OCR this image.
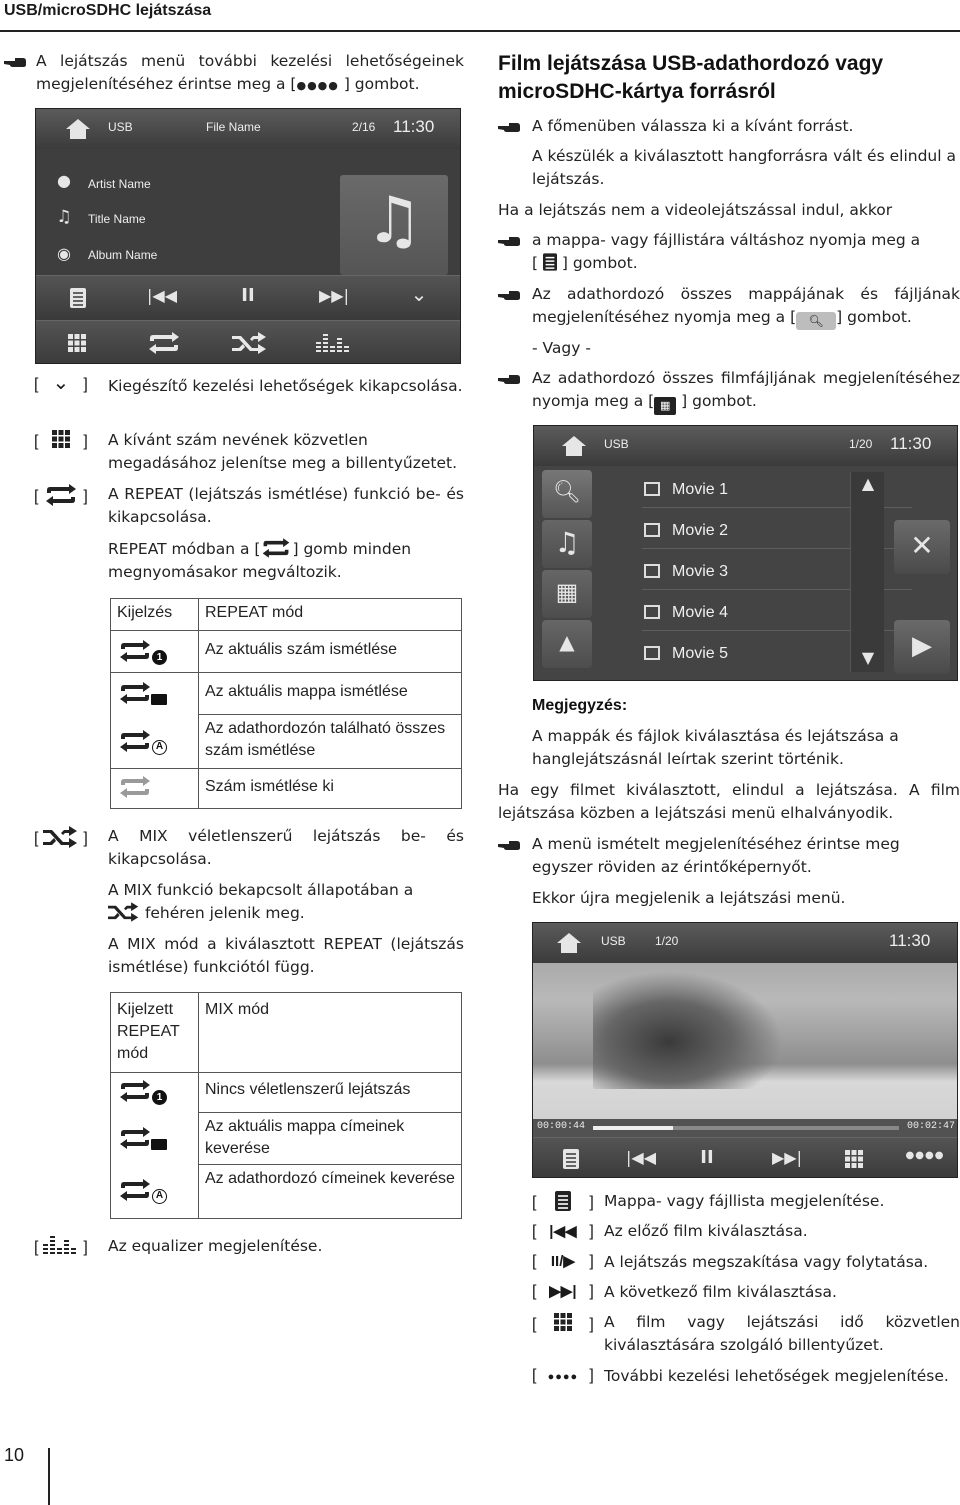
USB/microSDHC lejátszása
A lejátszás menü további kezelési lehetőségeinek megjelenítéséhez érintse meg a [●●●● ] gombot.
USB	File Name	2/16 11:30
● Artist Name
♫ Title Name
◉ Album Name	♫
|◀◀	II	▶▶|	⌄
[ ⌄ ] Kiegészítő kezelési lehetőségek kikapcsolása.
[  ] A kívánt szám nevének közvetlen megadásához jelenítse meg a billentyűzetet.
[  ] A REPEAT (lejátszás ismétlése) funkció be- és kikapcsolása.
REPEAT módban a [ ] gomb minden megnyomásakor megváltozik.
Kijelzés	REPEAT mód

1	Az aktuális szám ismétlése

	Az aktuális mappa ismétlése

A	Az adathordozón található összes szám ismétlése

	Szám ismétlése ki
[  ] A MIX véletlenszerű lejátszás be- és kikapcsolása.
A MIX funkció bekapcsolt állapotában a
fehéren jelenik meg.
A MIX mód a kiválasztott REPEAT (lejátszás ismétlése) funkciótól függ.
Kijelzett REPEAT mód	MIX mód

1	Nincs véletlenszerű lejátszás

	Az aktuális mappa címeinek keverése

A	Az adathordozó címeinek keverése
[  ] Az equalizer megjelenítése.
10
Film lejátszása USB-adathordozó vagy microSDHC-kártya forrásról
A főmenüben válassza ki a kívánt forrást.
A készülék a kiválasztott hangforrásra vált és elindul a lejátszás.
Ha a lejátszás nem a videolejátszással indul, akkor
a mappa- vagy fájllistára váltáshoz nyomja meg a
[  ] gombot.
Az adathordozó összes mappájának és fájljának megjelenítéséhez nyomja meg a [ 🔍︎ ] gombot.
- Vagy -
Az adathordozó összes filmfájljának megjelenítéséhez nyomja meg a [ ▦ ] gombot.
USB	1/20 11:30
🔍︎
♫
▦
▲
Movie 1
Movie 2
Movie 3
Movie 4
Movie 5
▲
▼
✕
▶
Megjegyzés:
A mappák és fájlok kiválasztása és lejátszása a hanglejátszásnál leírtak szerint történik.
Ha egy filmet kiválasztott, elindul a lejátszása. A film lejátszása közben a lejátszási menü elhalványodik.
A menü ismételt megjelenítéséhez érintse meg egyszer röviden az érintőképernyőt.
Ekkor újra megjelenik a lejátszási menü.
USB 1/20	11:30
00:00:44	00:02:47
|◀◀ II	▶▶|	●●●●
[	] Mappa- vagy fájllista megjelenítése.
[ |◀◀ ] Az előző film kiválasztása.
[ II/▶ ] A lejátszás megszakítása vagy folytatása.
[ ▶▶| ] A következő film kiválasztása.
[	] A film vagy lejátszási idő közvetlen kiválasztására szolgáló billentyűzet.
[ ●●●● ] További kezelési lehetőségek megjelenítése.
